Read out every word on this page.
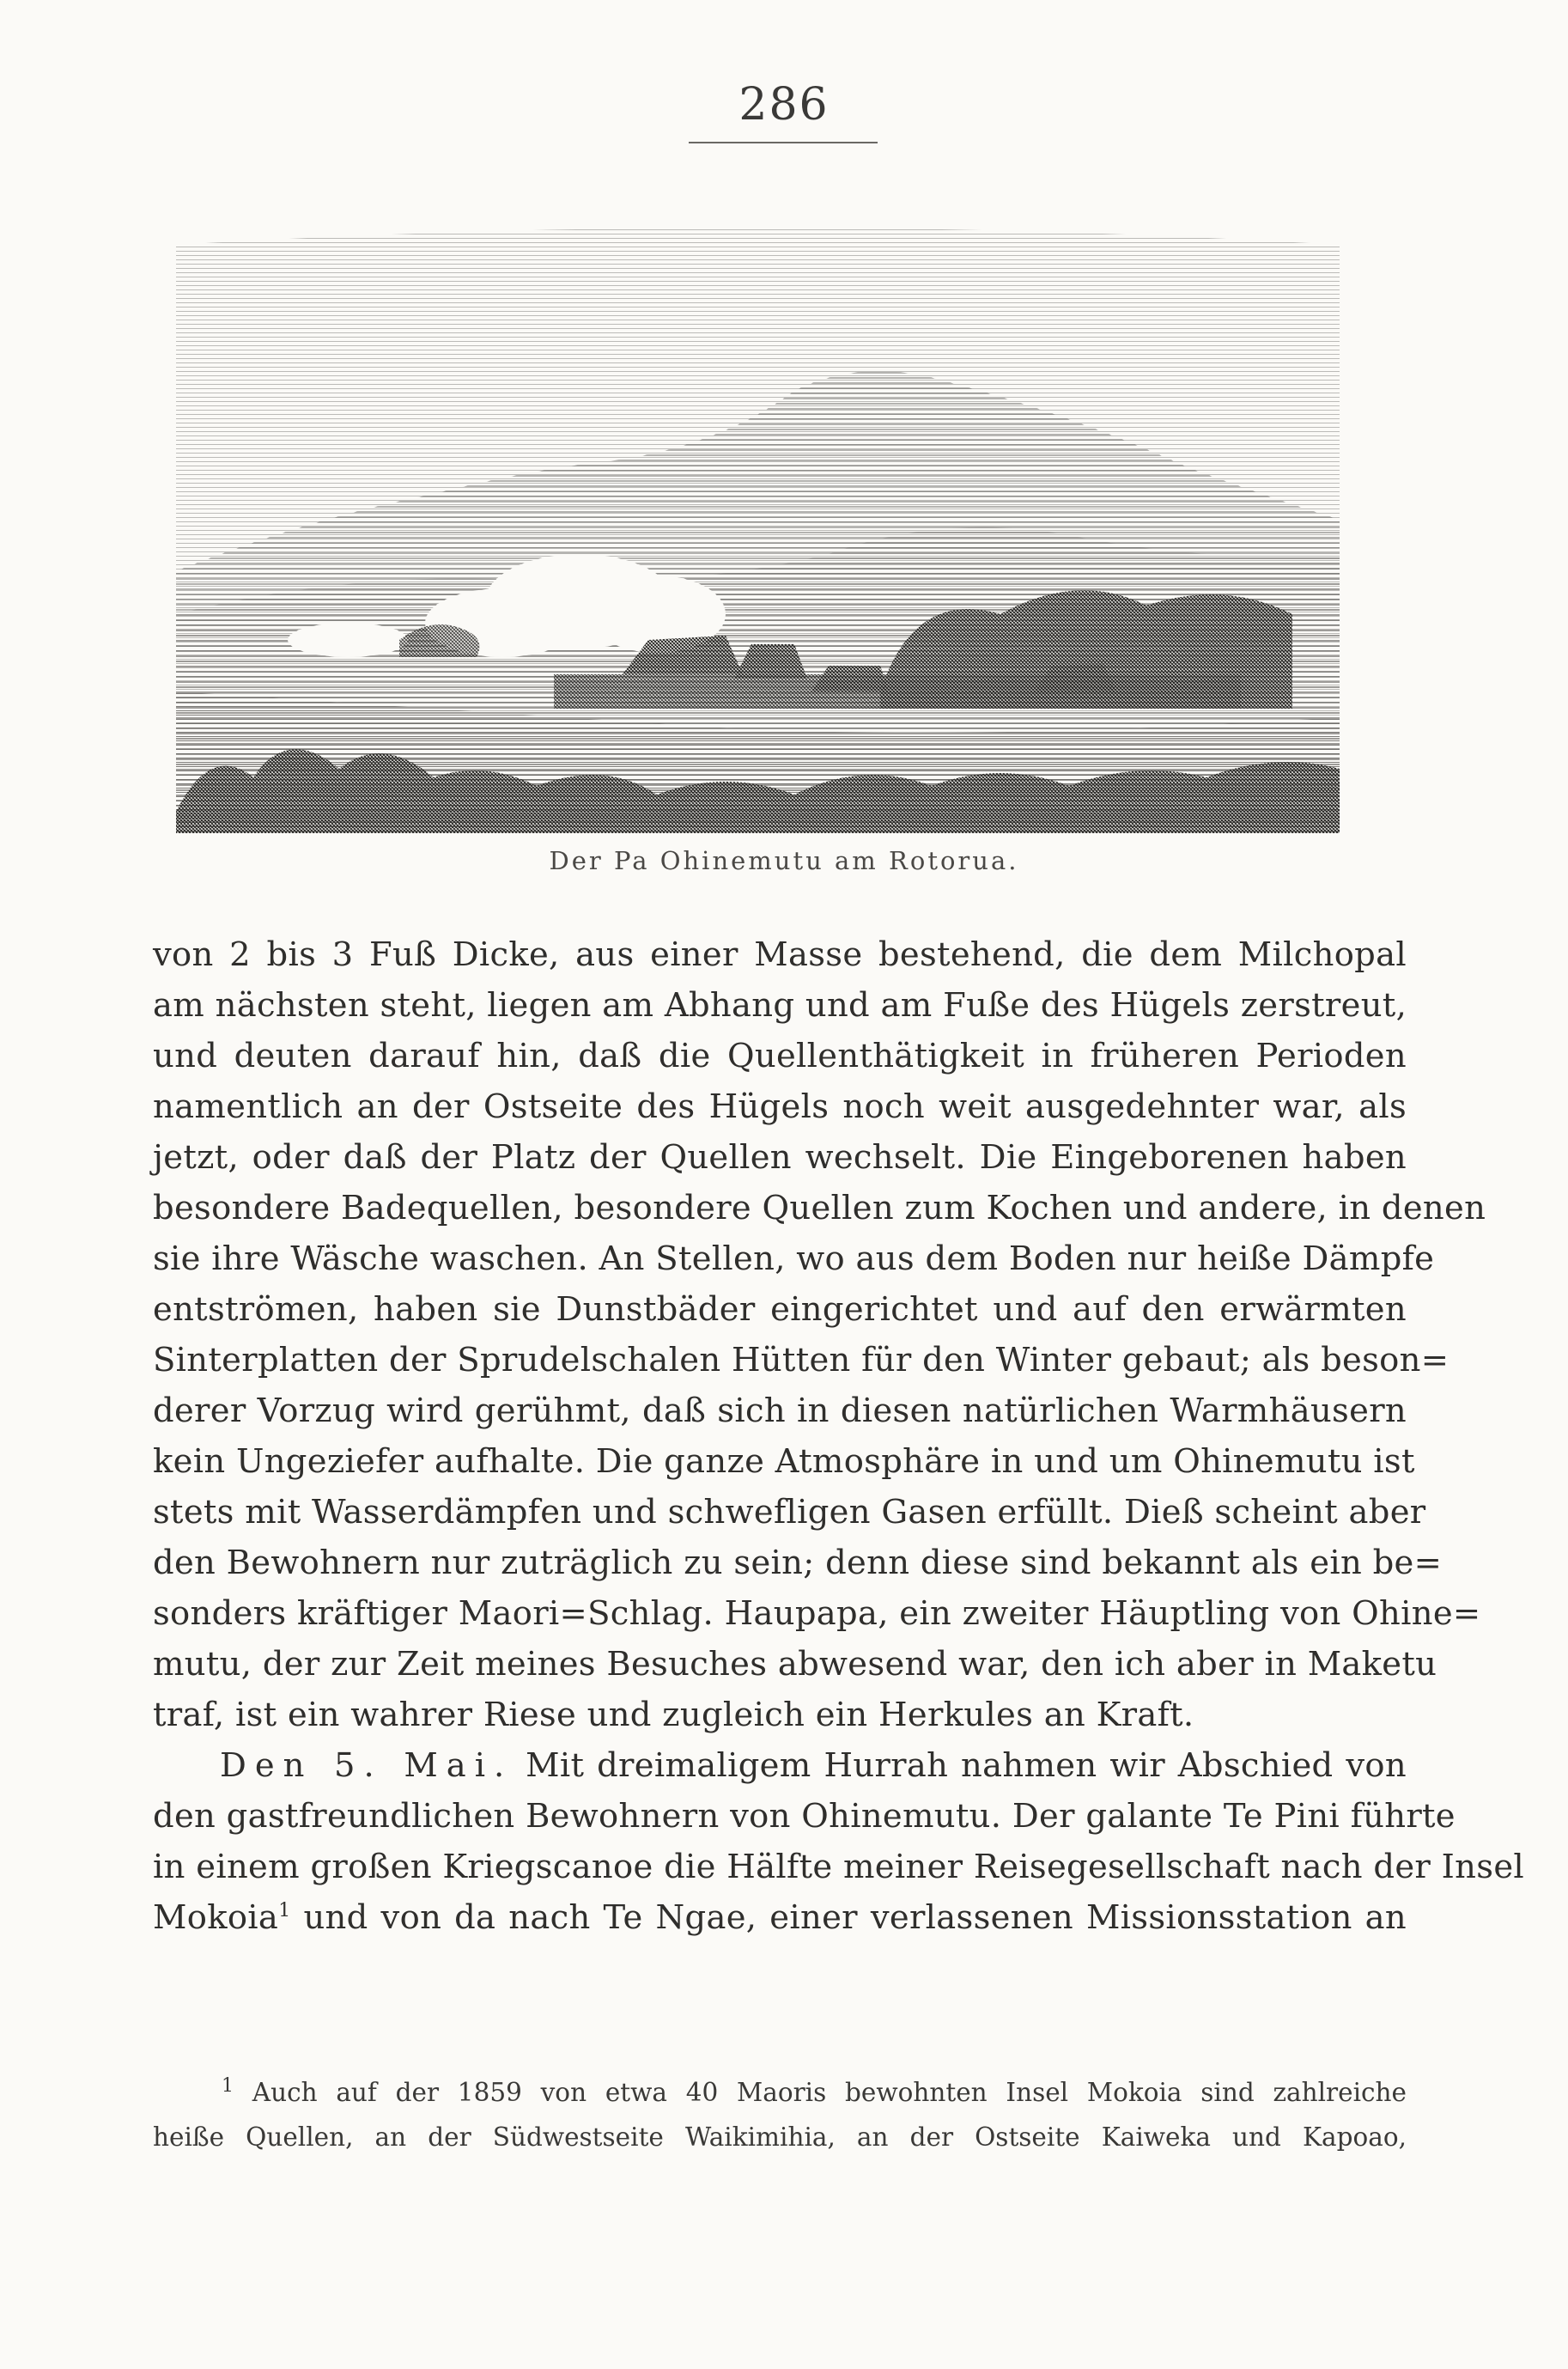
286
Der Pa Ohinemutu am Rotorua.
von 2 bis 3 Fuß Dicke, aus einer Masse bestehend, die dem Milchopal
am nächsten steht, liegen am Abhang und am Fuße des Hügels zerstreut,
und deuten darauf hin, daß die Quellenthätigkeit in früheren Perioden
namentlich an der Ostseite des Hügels noch weit ausgedehnter war, als
jetzt, oder daß der Platz der Quellen wechselt. Die Eingeborenen haben
besondere Badequellen, besondere Quellen zum Kochen und andere, in denen
sie ihre Wäsche waschen. An Stellen, wo aus dem Boden nur heiße Dämpfe
entströmen, haben sie Dunstbäder eingerichtet und auf den erwärmten
Sinterplatten der Sprudelschalen Hütten für den Winter gebaut; als beson=
derer Vorzug wird gerühmt, daß sich in diesen natürlichen Warmhäusern
kein Ungeziefer aufhalte. Die ganze Atmosphäre in und um Ohinemutu ist
stets mit Wasserdämpfen und schwefligen Gasen erfüllt. Dieß scheint aber
den Bewohnern nur zuträglich zu sein; denn diese sind bekannt als ein be=
sonders kräftiger Maori=Schlag. Haupapa, ein zweiter Häuptling von Ohine=
mutu, der zur Zeit meines Besuches abwesend war, den ich aber in Maketu
traf, ist ein wahrer Riese und zugleich ein Herkules an Kraft.
Den 5. Mai. Mit dreimaligem Hurrah nahmen wir Abschied von
den gastfreundlichen Bewohnern von Ohinemutu. Der galante Te Pini führte
in einem großen Kriegscanoe die Hälfte meiner Reisegesellschaft nach der Insel
Mokoia$^1$ und von da nach Te Ngae, einer verlassenen Missionsstation an
$^1$ Auch auf der 1859 von etwa 40 Maoris bewohnten Insel Mokoia sind zahlreiche
heiße Quellen, an der Südwestseite Waikimihia, an der Ostseite Kaiweka und Kapoao,
